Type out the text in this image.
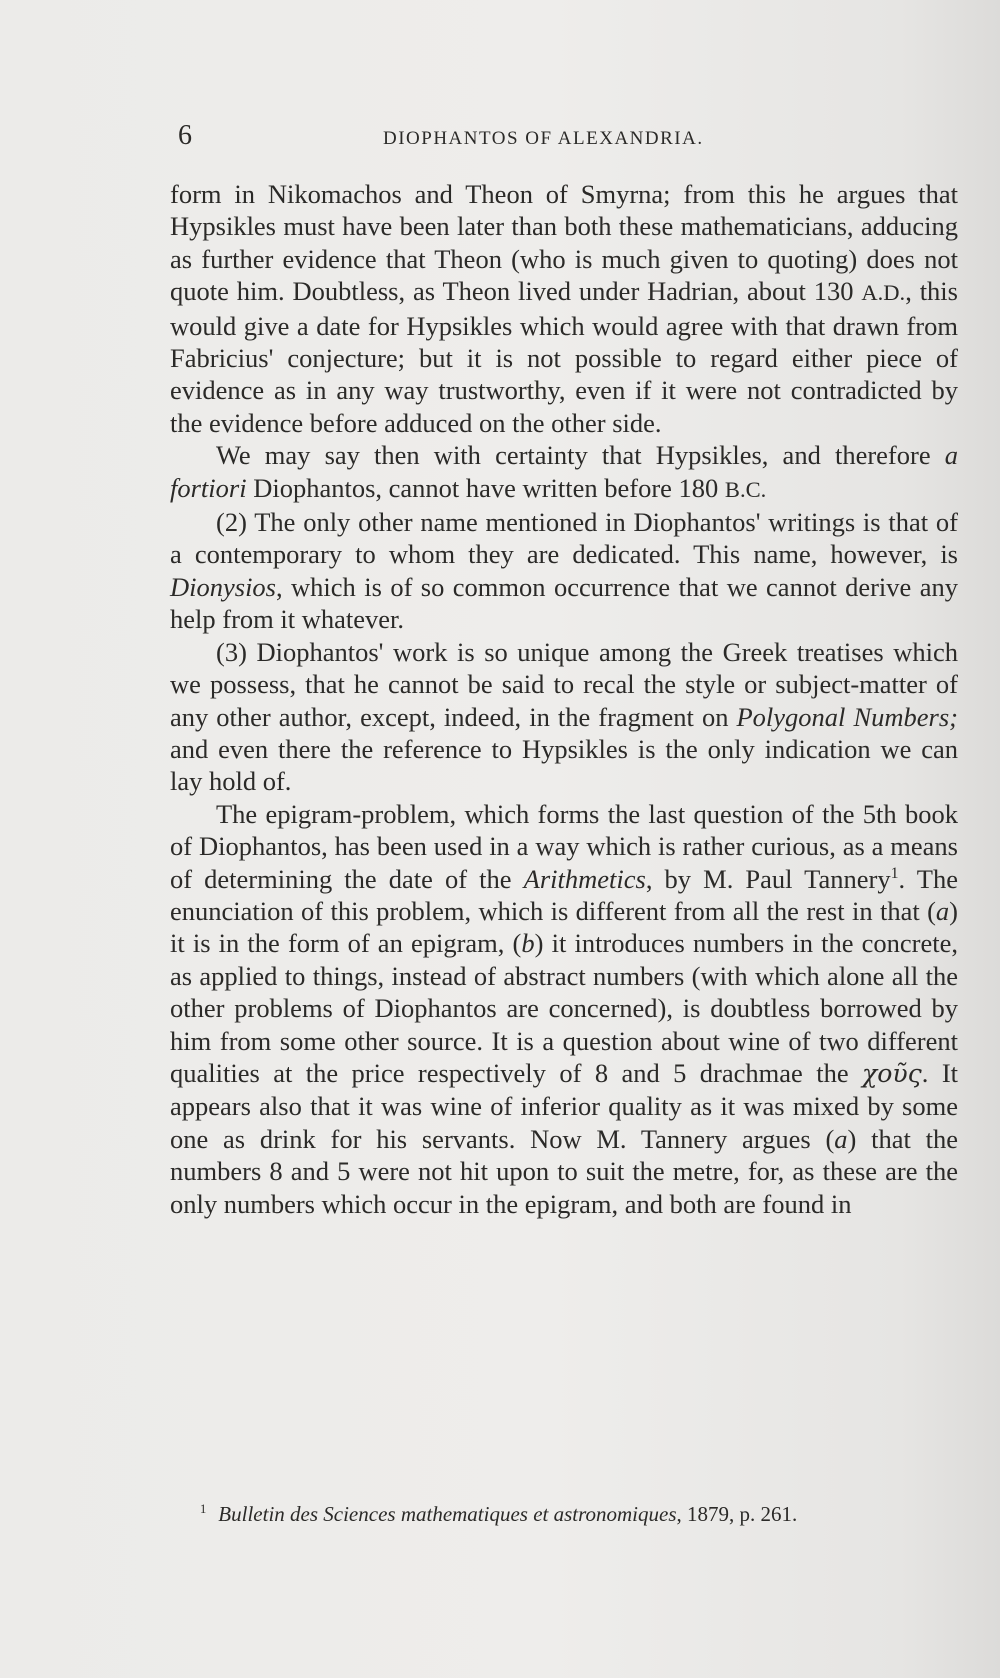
6	DIOPHANTOS OF ALEXANDRIA.

form in Nikomachos and Theon of Smyrna; from this he argues that Hypsikles must have been later than both these mathematicians, adducing as further evidence that Theon (who is much given to quoting) does not quote him. Doubtless, as Theon lived under Hadrian, about 130 A.D., this would give a date for Hypsikles which would agree with that drawn from Fabricius' conjecture; but it is not possible to regard either piece of evidence as in any way trustworthy, even if it were not contradicted by the evidence before adduced on the other side.

We may say then with certainty that Hypsikles, and therefore a fortiori Diophantos, cannot have written before 180 B.C.

(2) The only other name mentioned in Diophantos' writings is that of a contemporary to whom they are dedicated. This name, however, is Dionysios, which is of so common occurrence that we cannot derive any help from it whatever.

(3) Diophantos' work is so unique among the Greek treatises which we possess, that he cannot be said to recal the style or subject-matter of any other author, except, indeed, in the fragment on Polygonal Numbers; and even there the reference to Hypsikles is the only indication we can lay hold of.

The epigram-problem, which forms the last question of the 5th book of Diophantos, has been used in a way which is rather curious, as a means of determining the date of the Arithmetics, by M. Paul Tannery$^1$. The enunciation of this problem, which is different from all the rest in that (a) it is in the form of an epigram, (b) it introduces numbers in the concrete, as applied to things, instead of abstract numbers (with which alone all the other problems of Diophantos are concerned), is doubtless borrowed by him from some other source. It is a question about wine of two different qualities at the price respectively of 8 and 5 drachmae the χοῦς. It appears also that it was wine of inferior quality as it was mixed by some one as drink for his servants. Now M. Tannery argues (a) that the numbers 8 and 5 were not hit upon to suit the metre, for, as these are the only numbers which occur in the epigram, and both are found in

$^1$ Bulletin des Sciences mathematiques et astronomiques, 1879, p. 261.
